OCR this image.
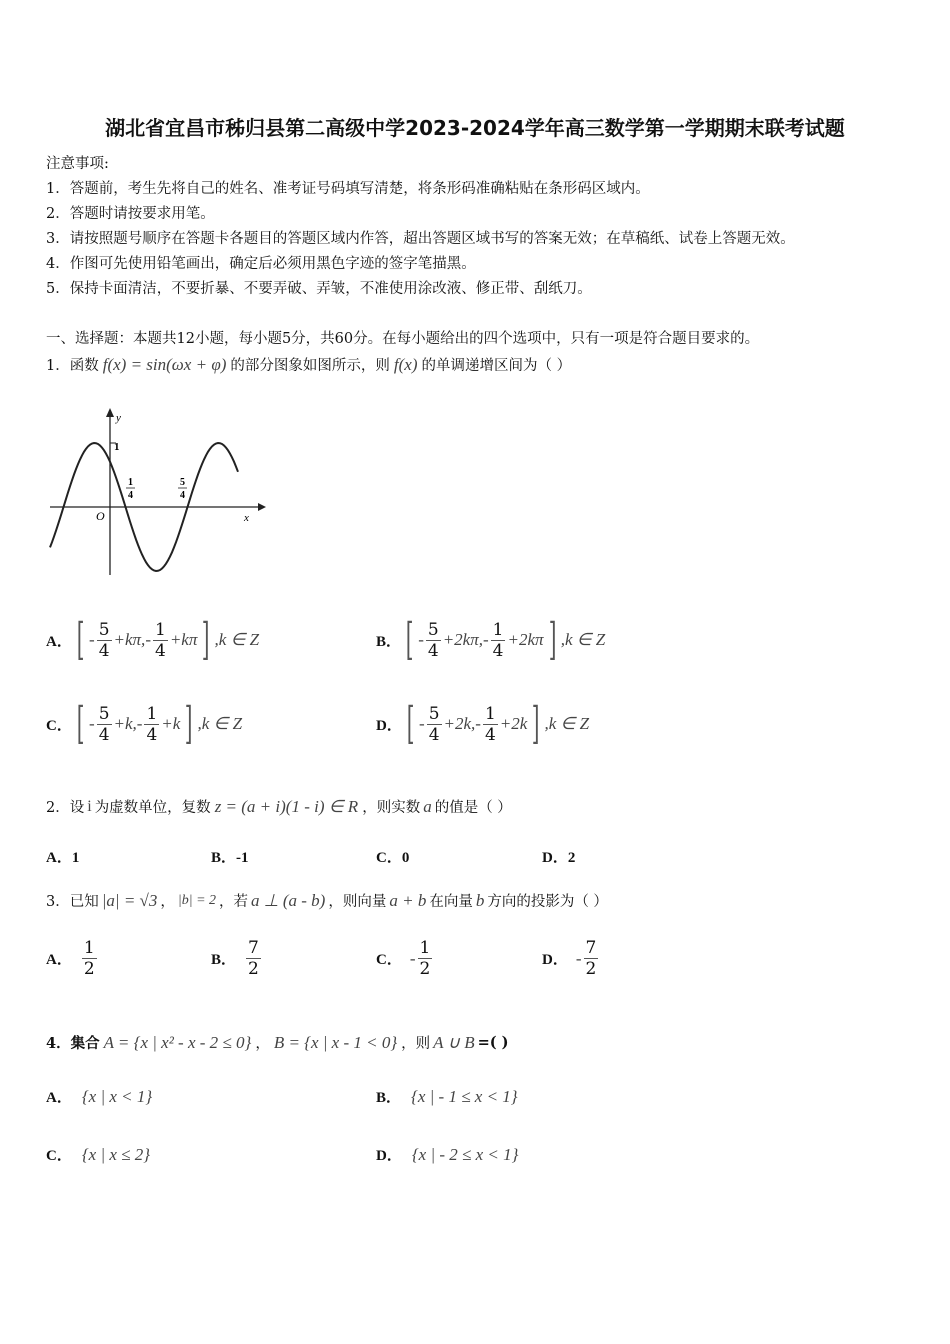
湖北省宜昌市秭归县第二高级中学2023-2024学年高三数学第一学期期末联考试题
注意事项:
1．答题前，考生先将自己的姓名、准考证号码填写清楚，将条形码准确粘贴在条形码区域内。
2．答题时请按要求用笔。
3．请按照题号顺序在答题卡各题目的答题区域内作答，超出答题区域书写的答案无效；在草稿纸、试卷上答题无效。
4．作图可先使用铅笔画出，确定后必须用黑色字迹的签字笔描黑。
5．保持卡面清洁，不要折暴、不要弄破、弄皱，不准使用涂改液、修正带、刮纸刀。
一、选择题：本题共12小题，每小题5分，共60分。在每小题给出的四个选项中，只有一项是符合题目要求的。
1．函数 f(x) = sin(ωx + φ) 的部分图象如图所示，则 f(x) 的单调递增区间为（ ）
y
x
O
1
1
4
5
4
A． [ - $\frac{5}{4} +k\pi$, - $\frac{1}{4} +k\pi$ ] ,k ∈ Z	B． [ - $\frac{5}{4} +2k\pi$, - $\frac{1}{4} +2k\pi$ ] ,k ∈ Z
C． [ - $\frac{5}{4} +k$, - $\frac{1}{4} +k$ ] ,k ∈ Z	D． [ - $\frac{5}{4} +2k$, - $\frac{1}{4} +2k$ ] ,k ∈ Z
2．设 i 为虚数单位，复数 z = (a + i)(1 - i) ∈ R ，则实数 a 的值是（ ）
A．1	B．-1	C．0	D．2
3．已知 |a| = √3 ， |b| = 2 ，若 a ⊥ (a - b) ，则向量 a + b 在向量 b 方向的投影为（ ）
A． $\frac{1}{2}$	B． $\frac{7}{2}$	C． - $\frac{1}{2}$	D． - $\frac{7}{2}$
4．集合 A = {x | x² - x - 2 ≤ 0} ， B = {x | x - 1 < 0} ，则 A ∪ B =( )
A． {x | x < 1}	B． {x | - 1 ≤ x < 1}
C． {x | x ≤ 2}	D． {x | - 2 ≤ x < 1}
